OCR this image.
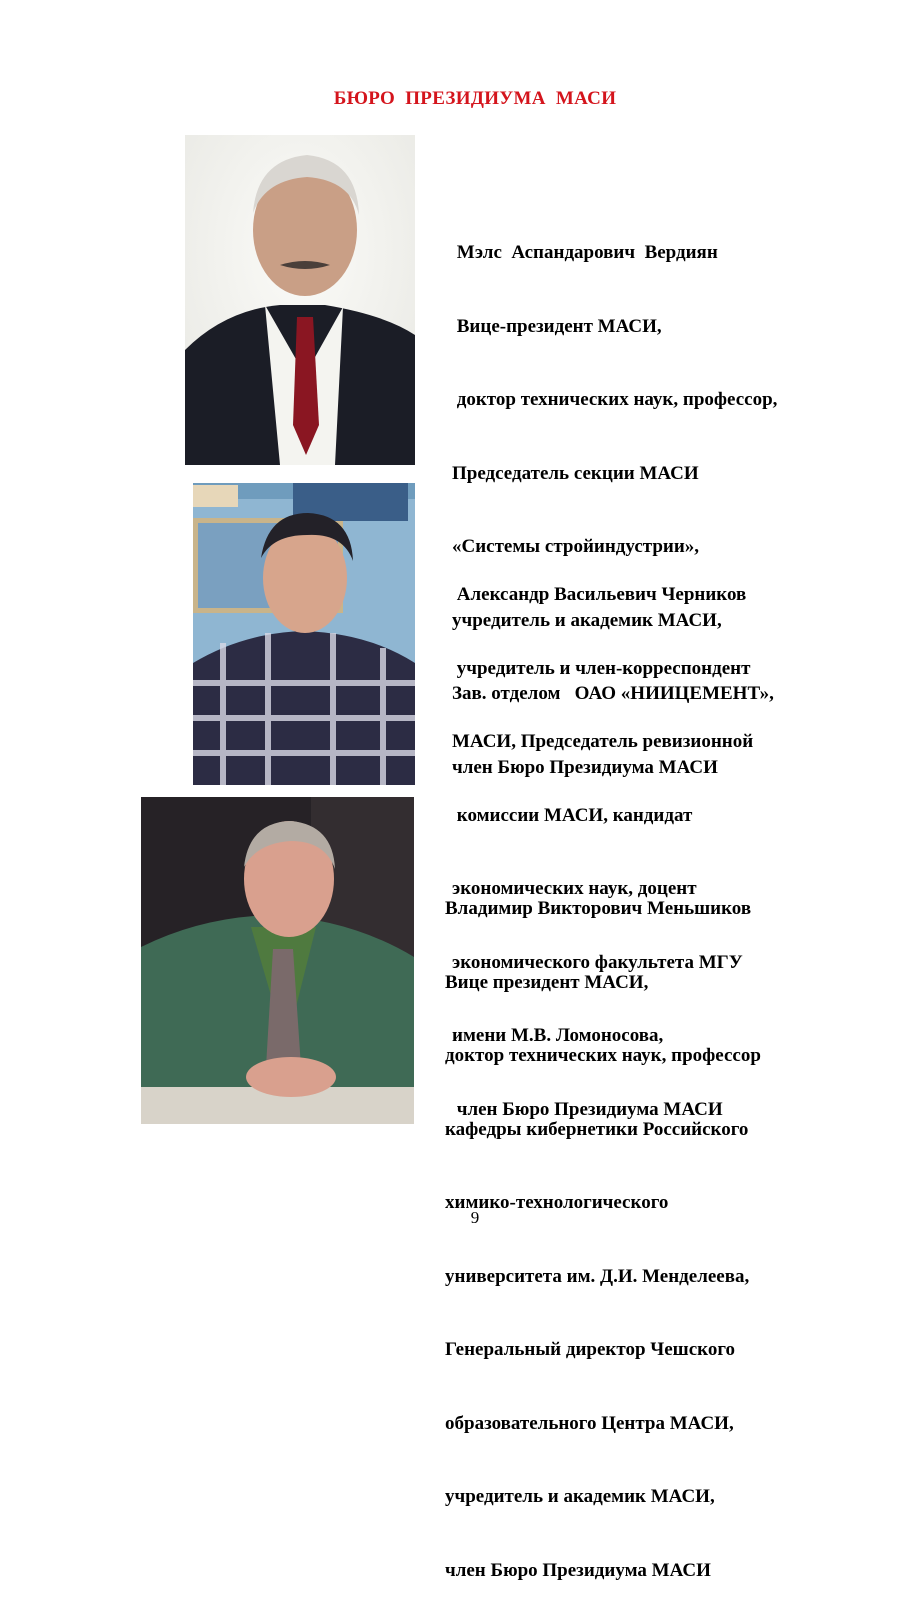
БЮРО  ПРЕЗИДИУМА  МАСИ

Мэлс  Аспандарович  Вердиян

Вице-президент МАСИ,

доктор технических наук, профессор,

Председатель секции МАСИ

«Системы стройиндустрии»,

учредитель и академик МАСИ,

Зав. отделом   ОАО «НИИЦЕМЕНТ»,

член Бюро Президиума МАСИ

Александр Васильевич Черников

учредитель и член-корреспондент

МАСИ, Председатель ревизионной

комиссии МАСИ, кандидат

экономических наук, доцент

экономического факультета МГУ

имени М.В. Ломоносова,

член Бюро Президиума МАСИ

Владимир Викторович Меньшиков

Вице президент МАСИ,

доктор технических наук, профессор

кафедры кибернетики Российского

химико-технологического

университета им. Д.И. Менделеева,

Генеральный директор Чешского

образовательного Центра МАСИ,

учредитель и академик МАСИ,

член Бюро Президиума МАСИ

9
